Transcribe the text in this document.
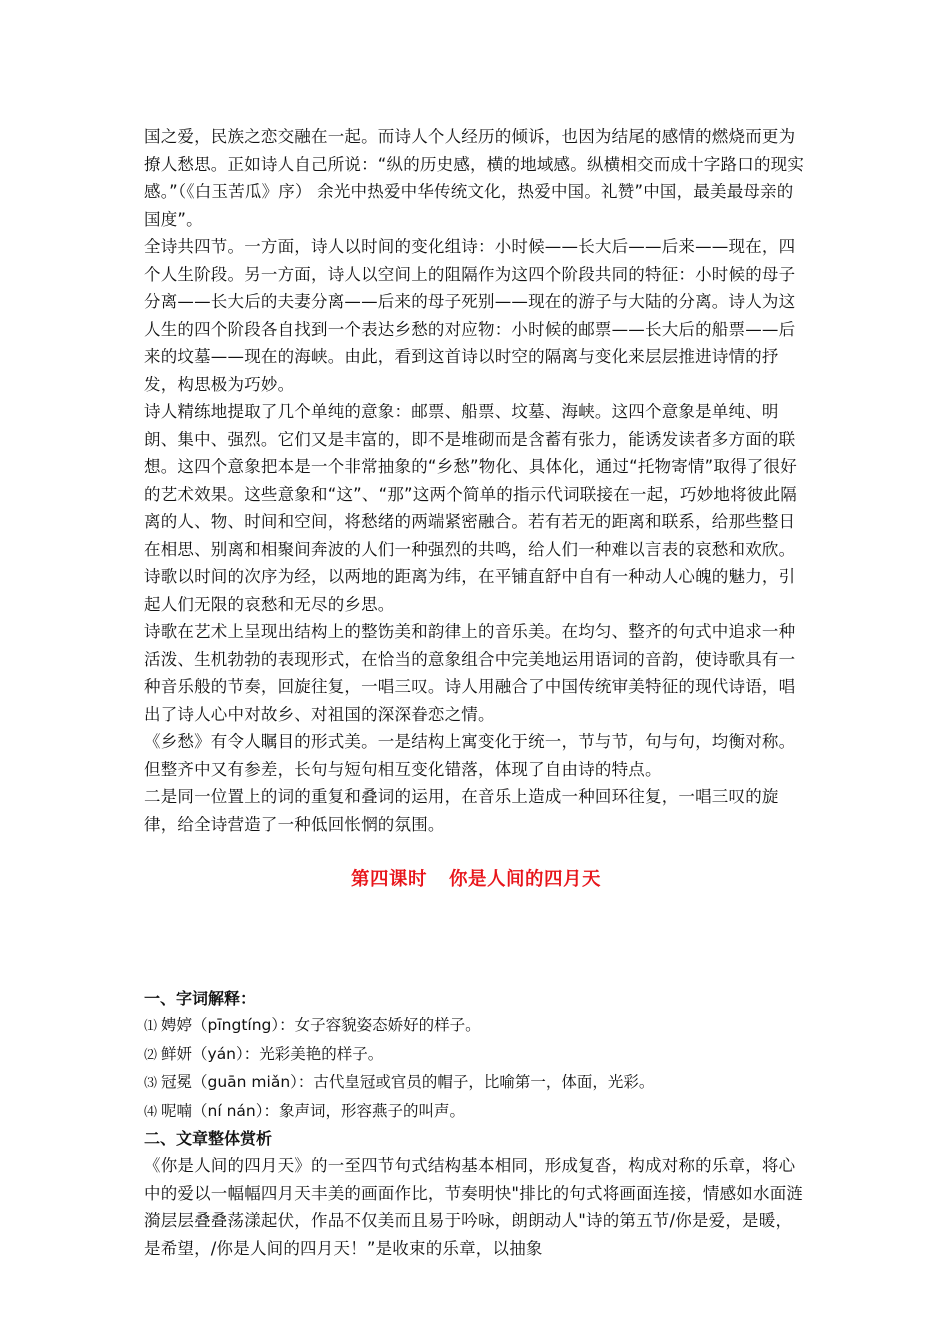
国之爱，民族之恋交融在一起。而诗人个人经历的倾诉，也因为结尾的感情的燃烧而更为撩人愁思。正如诗人自己所说：“纵的历史感，横的地域感。纵横相交而成十字路口的现实感。”（《白玉苦瓜》序） 余光中热爱中华传统文化，热爱中国。礼赞”中国，最美最母亲的国度”。

全诗共四节。一方面，诗人以时间的变化组诗：小时候——长大后——后来——现在，四个人生阶段。另一方面，诗人以空间上的阻隔作为这四个阶段共同的特征：小时候的母子分离——长大后的夫妻分离——后来的母子死别——现在的游子与大陆的分离。诗人为这人生的四个阶段各自找到一个表达乡愁的对应物：小时候的邮票——长大后的船票——后来的坟墓——现在的海峡。由此，看到这首诗以时空的隔离与变化来层层推进诗情的抒发，构思极为巧妙。

诗人精练地提取了几个单纯的意象：邮票、船票、坟墓、海峡。这四个意象是单纯、明朗、集中、强烈。它们又是丰富的，即不是堆砌而是含蓄有张力，能诱发读者多方面的联想。这四个意象把本是一个非常抽象的“乡愁”物化、具体化，通过“托物寄情”取得了很好的艺术效果。这些意象和“这”、“那”这两个简单的指示代词联接在一起，巧妙地将彼此隔离的人、物、时间和空间，将愁绪的两端紧密融合。若有若无的距离和联系，给那些整日在相思、别离和相聚间奔波的人们一种强烈的共鸣，给人们一种难以言表的哀愁和欢欣。诗歌以时间的次序为经，以两地的距离为纬，在平铺直舒中自有一种动人心魄的魅力，引起人们无限的哀愁和无尽的乡思。

诗歌在艺术上呈现出结构上的整饬美和韵律上的音乐美。在均匀、整齐的句式中追求一种活泼、生机勃勃的表现形式，在恰当的意象组合中完美地运用语词的音韵，使诗歌具有一种音乐般的节奏，回旋往复，一唱三叹。诗人用融合了中国传统审美特征的现代诗语，唱出了诗人心中对故乡、对祖国的深深眷恋之情。

《乡愁》有令人瞩目的形式美。一是结构上寓变化于统一，节与节，句与句，均衡对称。但整齐中又有参差，长句与短句相互变化错落，体现了自由诗的特点。

二是同一位置上的词的重复和叠词的运用，在音乐上造成一种回环往复，一唱三叹的旋律，给全诗营造了一种低回怅惘的氛围。

第四课时 你是人间的四月天

一、字词解释：

⑴ 娉婷（pīngtíng）：女子容貌姿态娇好的样子。
⑵ 鲜妍（yán）：光彩美艳的样子。
⑶ 冠冕（guān miǎn）：古代皇冠或官员的帽子，比喻第一，体面，光彩。
⑷ 呢喃（ní nán）：象声词，形容燕子的叫声。

二、文章整体赏析

《你是人间的四月天》的一至四节句式结构基本相同，形成复沓，构成对称的乐章，将心中的爱以一幅幅四月天丰美的画面作比，节奏明快"排比的句式将画面连接，情感如水面涟漪层层叠叠荡漾起伏，作品不仅美而且易于吟咏，朗朗动人"诗的第五节/你是爱，是暖，是希望，/你是人间的四月天！”是收束的乐章，以抽象
